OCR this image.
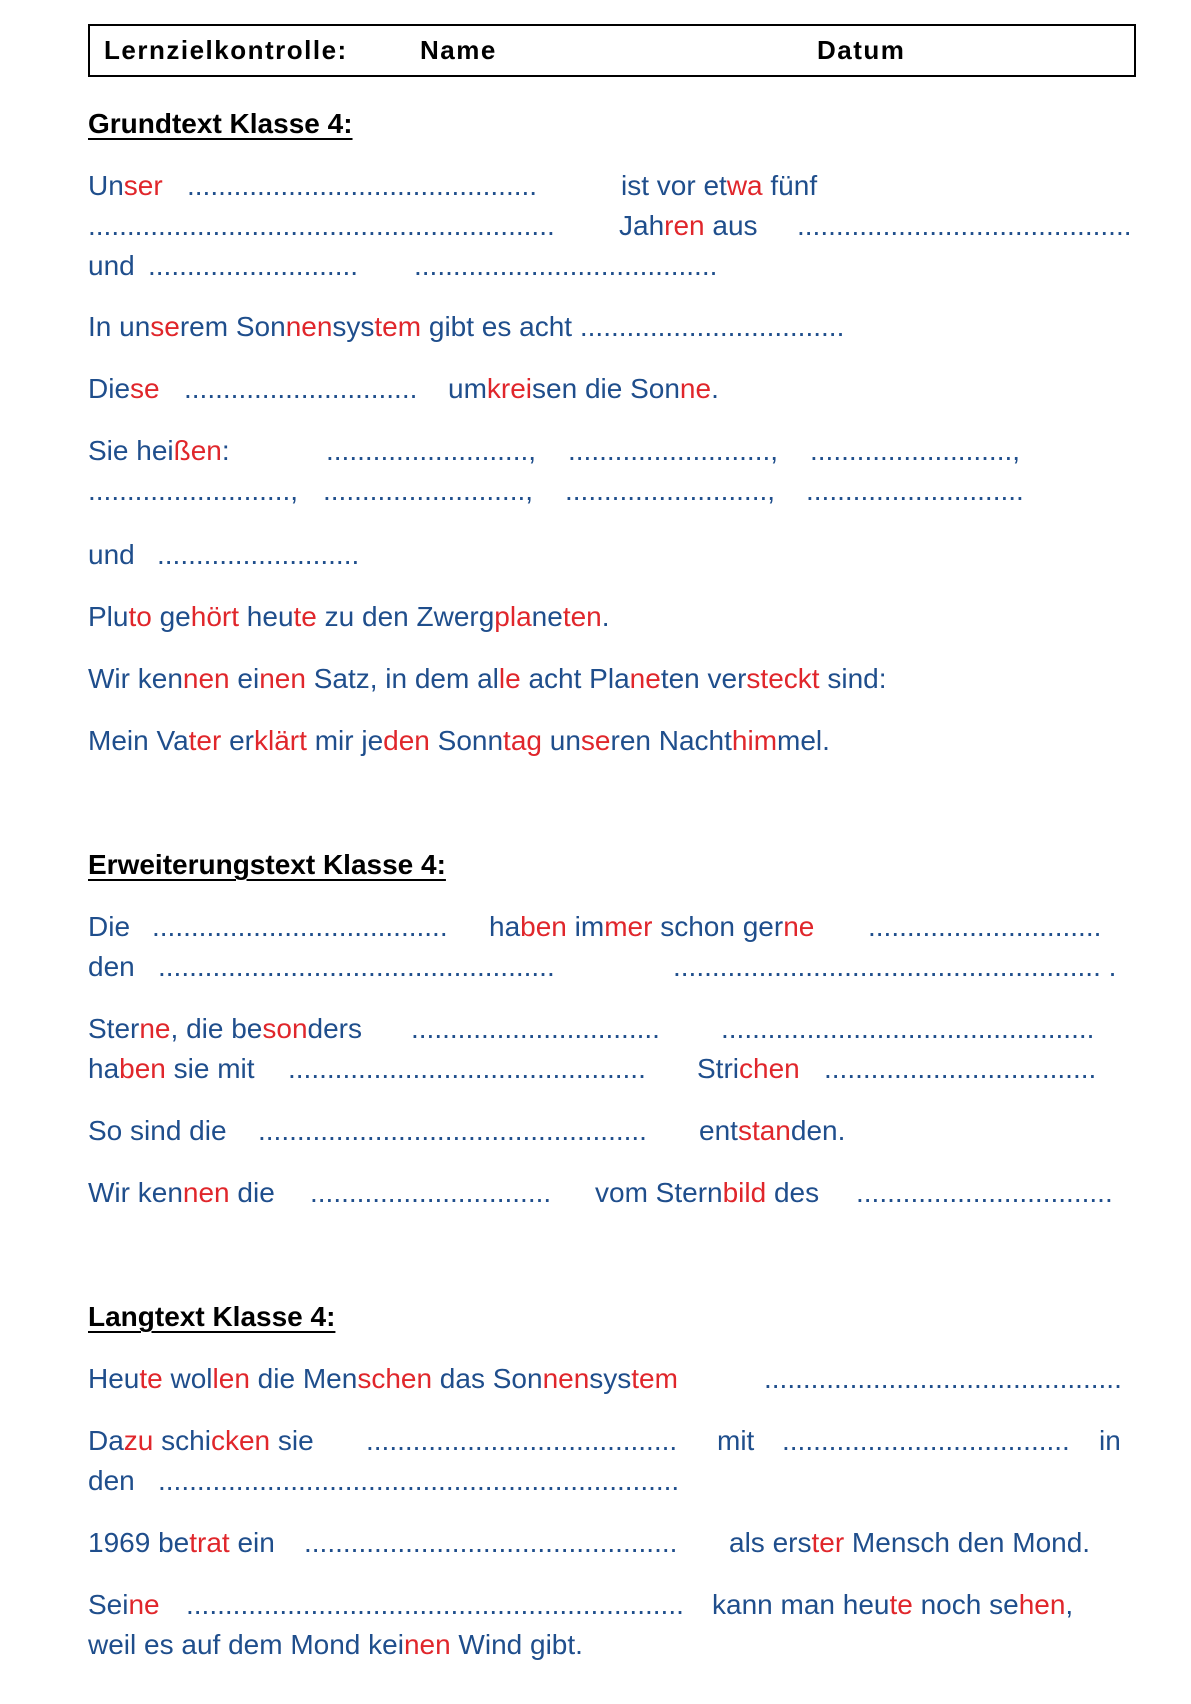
Lernzielkontrolle:	Name	Datum
Grundtext Klasse 4:

Unser

.............................................

	ist vor etwa fünf

............................................................

Jahren aus

...........................................

und

...........................

.......................................

In unserem Sonnensystem gibt es acht ..................................

Diese

..............................

umkreisen die Sonne.

Sie heißen:

	..........................,

..........................,

..........................,

..........................,

..........................,

..........................,

............................

und

..........................

Pluto gehört heute zu den Zwergplaneten.

Wir kennen einen Satz, in dem alle acht Planeten versteckt sind:

Mein Vater erklärt mir jeden Sonntag unseren Nachthimmel.

Erweiterungstext Klasse 4:

Die

......................................

haben immer schon gerne

..............................

den

...................................................

	....................................................... .

Sterne, die besonders

................................

................................................

haben sie mit

..............................................

Strichen

...................................

So sind die

..................................................

entstanden.

Wir kennen die

...............................

vom Sternbild des

.................................

Langtext Klasse 4:

Heute wollen die Menschen das Sonnensystem

	..............................................

Dazu schicken sie

........................................

mit

.....................................

in

den

...................................................................

1969 betrat ein

................................................

als erster Mensch den Mond.

Seine

................................................................

kann man heute noch sehen,

weil es auf dem Mond keinen Wind gibt.
